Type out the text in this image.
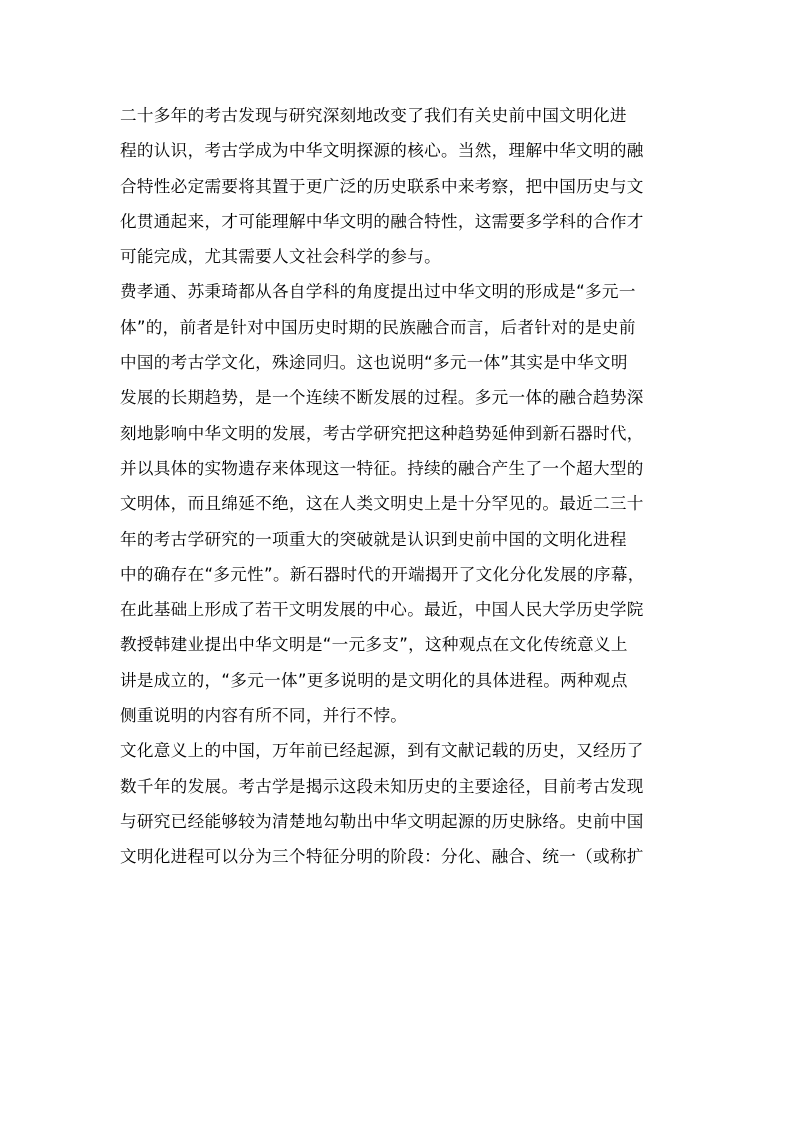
二十多年的考古发现与研究深刻地改变了我们有关史前中国文明化进
程的认识，考古学成为中华文明探源的核心。当然，理解中华文明的融
合特性必定需要将其置于更广泛的历史联系中来考察，把中国历史与文
化贯通起来，才可能理解中华文明的融合特性，这需要多学科的合作才
可能完成，尤其需要人文社会科学的参与。
费孝通、苏秉琦都从各自学科的角度提出过中华文明的形成是“多元一
体”的，前者是针对中国历史时期的民族融合而言，后者针对的是史前
中国的考古学文化，殊途同归。这也说明“多元一体”其实是中华文明
发展的长期趋势，是一个连续不断发展的过程。多元一体的融合趋势深
刻地影响中华文明的发展，考古学研究把这种趋势延伸到新石器时代，
并以具体的实物遗存来体现这一特征。持续的融合产生了一个超大型的
文明体，而且绵延不绝，这在人类文明史上是十分罕见的。最近二三十
年的考古学研究的一项重大的突破就是认识到史前中国的文明化进程
中的确存在“多元性”。新石器时代的开端揭开了文化分化发展的序幕，
在此基础上形成了若干文明发展的中心。最近，中国人民大学历史学院
教授韩建业提出中华文明是“一元多支”，这种观点在文化传统意义上
讲是成立的，“多元一体”更多说明的是文明化的具体进程。两种观点
侧重说明的内容有所不同，并行不悖。
文化意义上的中国，万年前已经起源，到有文献记载的历史，又经历了
数千年的发展。考古学是揭示这段未知历史的主要途径，目前考古发现
与研究已经能够较为清楚地勾勒出中华文明起源的历史脉络。史前中国
文明化进程可以分为三个特征分明的阶段：分化、融合、统一（或称扩
